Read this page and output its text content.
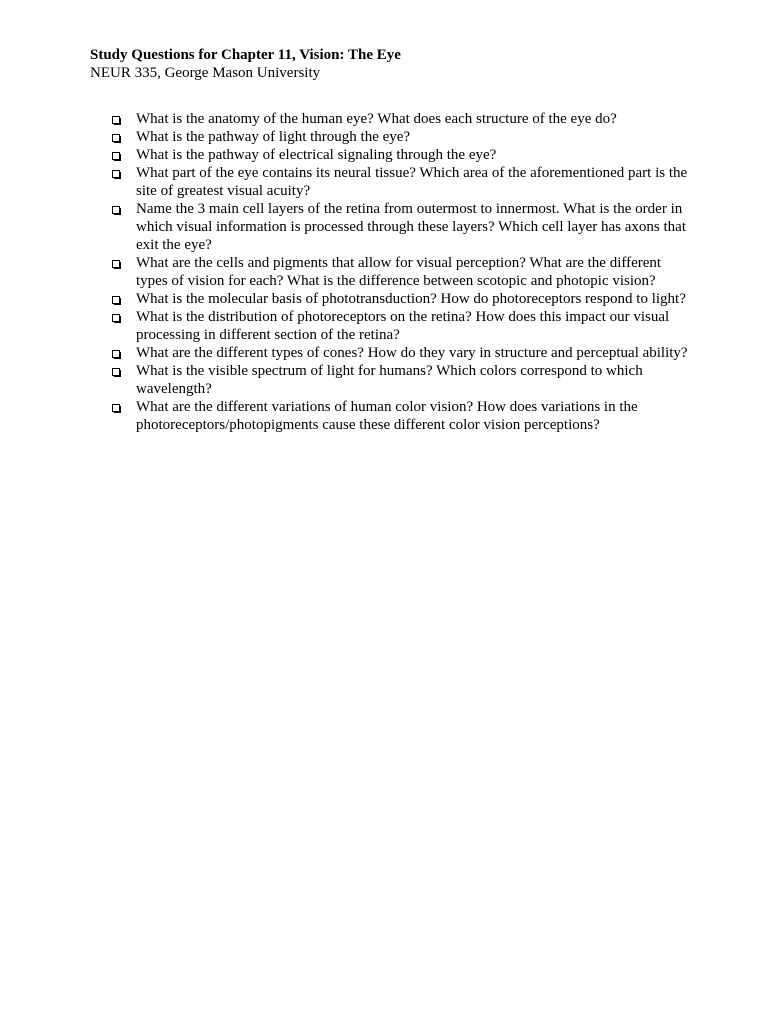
Study Questions for Chapter 11, Vision: The Eye

NEUR 335, George Mason University

What is the anatomy of the human eye? What does each structure of the eye do?
What is the pathway of light through the eye?
What is the pathway of electrical signaling through the eye?
What part of the eye contains its neural tissue? Which area of the aforementioned part is the site of greatest visual acuity?
Name the 3 main cell layers of the retina from outermost to innermost. What is the order in which visual information is processed through these layers? Which cell layer has axons that exit the eye?
What are the cells and pigments that allow for visual perception? What are the different types of vision for each? What is the difference between scotopic and photopic vision?
What is the molecular basis of phototransduction? How do photoreceptors respond to light?
What is the distribution of photoreceptors on the retina? How does this impact our visual processing in different section of the retina?
What are the different types of cones? How do they vary in structure and perceptual ability?
What is the visible spectrum of light for humans? Which colors correspond to which wavelength?
What are the different variations of human color vision? How does variations in the photoreceptors/photopigments cause these different color vision perceptions?
